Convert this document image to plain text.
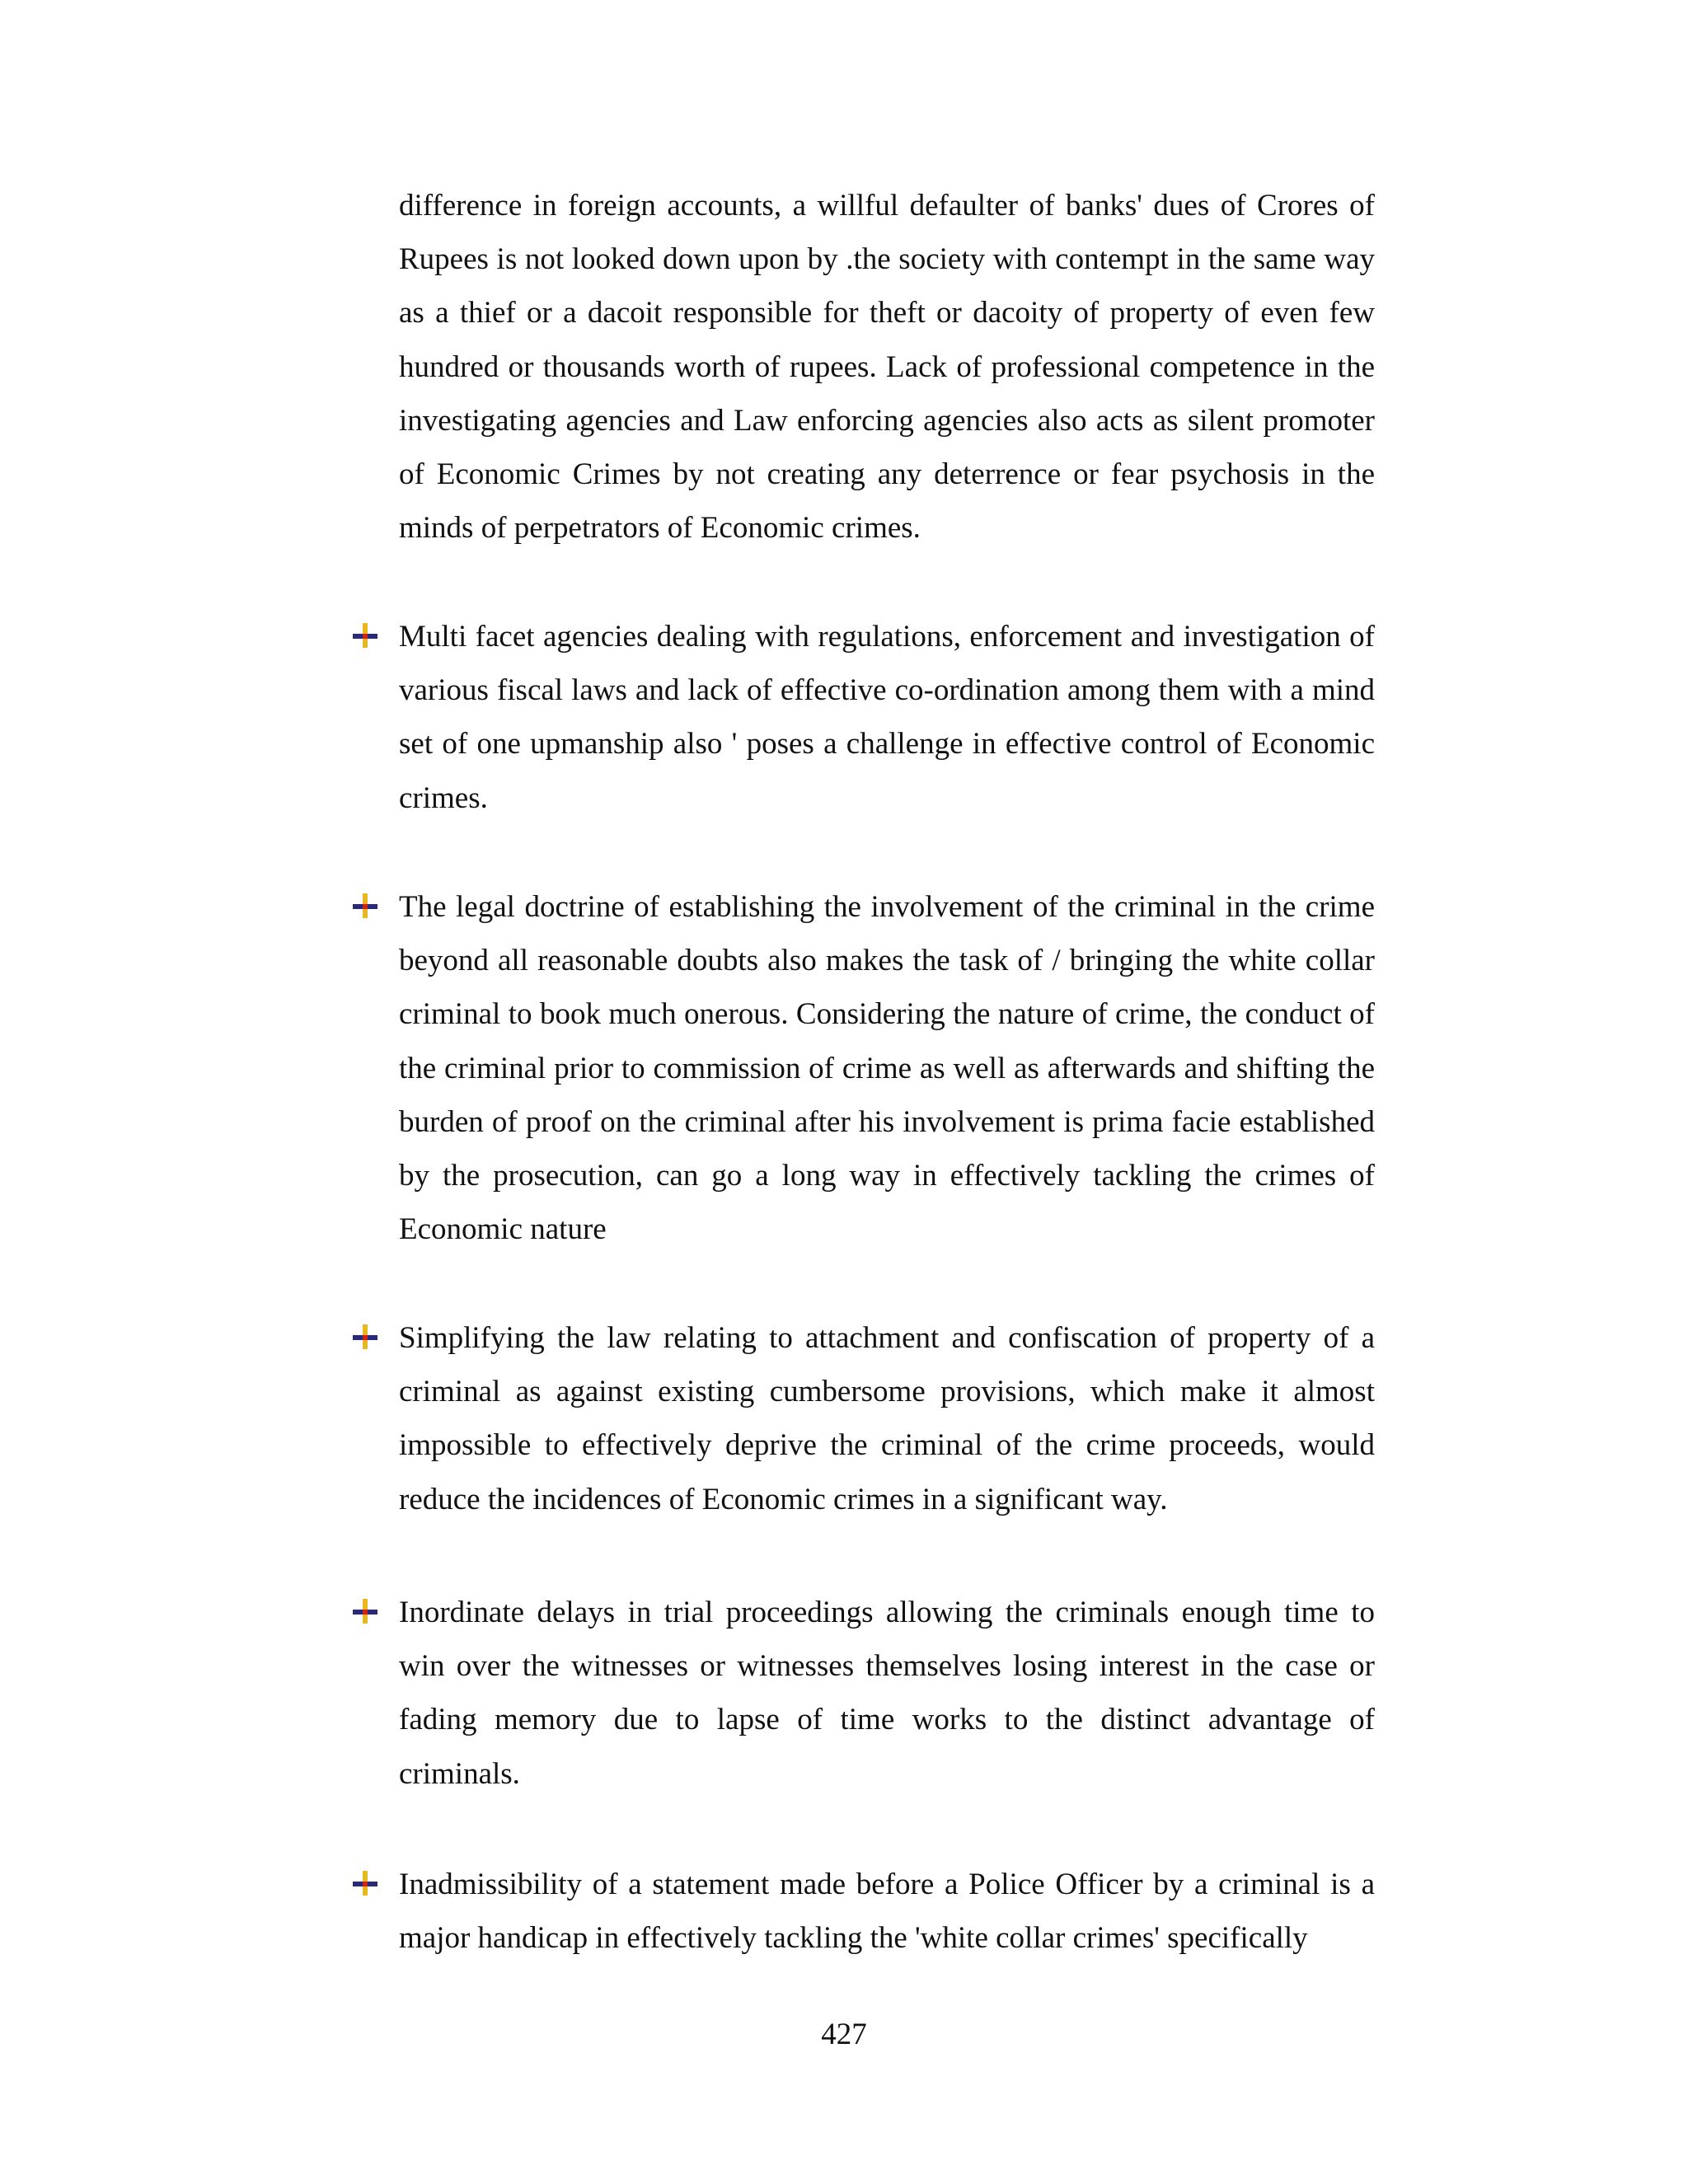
difference in foreign accounts, a willful defaulter of banks' dues of Crores of Rupees is not looked down upon by .the society with contempt in the same way as a thief or a dacoit responsible for theft or dacoity of property of even few hundred or thousands worth of rupees. Lack of professional competence in the investigating agencies and Law enforcing agencies also acts as silent promoter of Economic Crimes by not creating any deterrence or fear psychosis in the minds of perpetrators of Economic crimes.

Multi facet agencies dealing with regulations, enforcement and investigation of various fiscal laws and lack of effective co-ordination among them with a mind set of one upmanship also ' poses a challenge in effective control of Economic crimes.

The legal doctrine of establishing the involvement of the criminal in the crime beyond all reasonable doubts also makes the task of / bringing the white collar criminal to book much onerous. Considering the nature of crime, the conduct of the criminal prior to commission of crime as well as afterwards and shifting the burden of proof on the criminal after his involvement is prima facie established by the prosecution, can go a long way in effectively tackling the crimes of Economic nature

Simplifying the law relating to attachment and confiscation of property of a criminal as against existing cumbersome provisions, which make it almost impossible to effectively deprive the criminal of the crime proceeds, would reduce the incidences of Economic crimes in a significant way.

Inordinate delays in trial proceedings allowing the criminals enough time to win over the witnesses or witnesses themselves losing interest in the case or fading memory due to lapse of time works to the distinct advantage of criminals.

Inadmissibility of a statement made before a Police Officer by a criminal is a major handicap in effectively tackling the 'white collar crimes' specifically

427
